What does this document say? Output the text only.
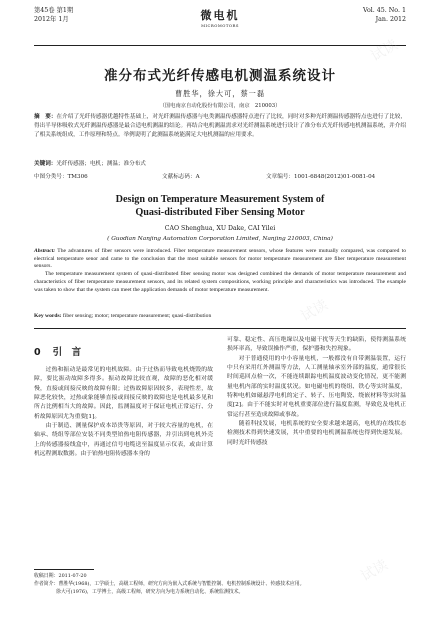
第45卷 第1期
2012年 1月	微电机
MICROMOTORS
Vol. 45. No. 1
Jan. 2012
准分布式光纤传感电机测温系统设计
曹胜华，徐大可，蔡一磊
（国电南京自动化股份有限公司，南京　210003）

摘　要：在介绍了光纤传感器优越特性基础上，对光纤测温传感器与电类测温传感器特点进行了比较，同时对多种光纤测温传感器特点也进行了比较，得出半导体吸收式光纤测温传感器是最合适电机测温的结论。再结合电机测温需求对光纤测温系统进行设计了准分布式光纤传感电机测温系统，并介绍了相关系统组成，工作原理和特点。举例说明了此测温系统能满足大电机测温的应用要求。

关键词：光纤传感器；电机；测温；准分布式

中图分类号：TM306	文献标志码：A	文章编号：1001-6848(2012)01-0081-04
Design on Temperature Measurement System of
Quasi-distributed Fiber Sensing Motor
CAO Shenghua, XU Dake, CAI Yilei
( Guodian Nanjing Automation Corporation Limited, Nanjing 210003, China)

Abstract: The advantures of fiber sensors were introduced. Fiber temperature measurement sensors, whose features were mutually compared, was compared to electrical temperature senor and came to the conclusion that the most suitable sensors for motor temperature measurement are fiber temperature measurement sensors.

The temperature measurement system of quasi-distributed fiber sensing motor was designed combined the demands of motor temperature measurement and characteristics of fiber temperature measurement sensors, and its related system compositions, working principle and characteristics was introduced. The example was taken to show that the system can meet the application demands of motor temperature measurement.

Key words: fiber sensing; motor; temperature measurement; quasi-distribution
0 引　言

过热和振动是最常见的电机故障。由于过热而导致电机烧毁的故障，要比振动故障多得多。振动故障比较直观，故障的恶化相对缓慢，直接或间接反映的故障有限；过热故障原因较多，表现性差，故障恶化较快，过热或象能够直接或间接反映的故障也是电机最多见和所占比例相当大的故障。因此，监测温度对于保证电机正常运行、分析故障原因尤为重要[1]。

由于制造、测量保护成本昂贵等原因，对于较大容量的电机，在轴承、绕组等部位安装不同类型铂热电阻传感器，并引出到电机外壳上的传感器接线盒中，再通过信号电缆送至温度显示仪表，或由计算机远程测取数据。由于铂热电阻传感器本身的

可靠、稳定性、高压绝缘以及电磁干扰等天生的缺陷，使得测温系统损坏率高，导致误操作严重，保护器和失控现象。

对于普通使用的中小容量电机，一般都没有自带测温装置，运行中只有采用红外测温等方法，人工测量轴承室外部的温度，通常很长时间巡回点检一次，不能连续跟踪电机温度波动变化情况，更不能测量电机内部的实时温度状况。如电磁电机的绕组、铁心等实时温度，特种电机如磁悬浮电机的定子、转子、压电陶瓷、绕嵌材料等实时温度[2]。由于不能实时对电机重要部位进行温度监测，导致危及电机正常运行甚至造成故障或事故。

随着科技发展，电机系统的安全要求越来越高，电机的在线状态检测技术得到快速发展，其中重要的电机测温系统也得到快速发展。同时光纤传感技

收稿日期：2011-07-20

作者简介：曹胜华(1968)，工学硕士，高级工程师，研究方向为嵌入式系统与智能控制、电机控制系统设计、传感技术应用。

徐大可(1976)，工学博士，高级工程师，研究方向为电力系统自动化、系统监测技术。

试读
试读
试读
